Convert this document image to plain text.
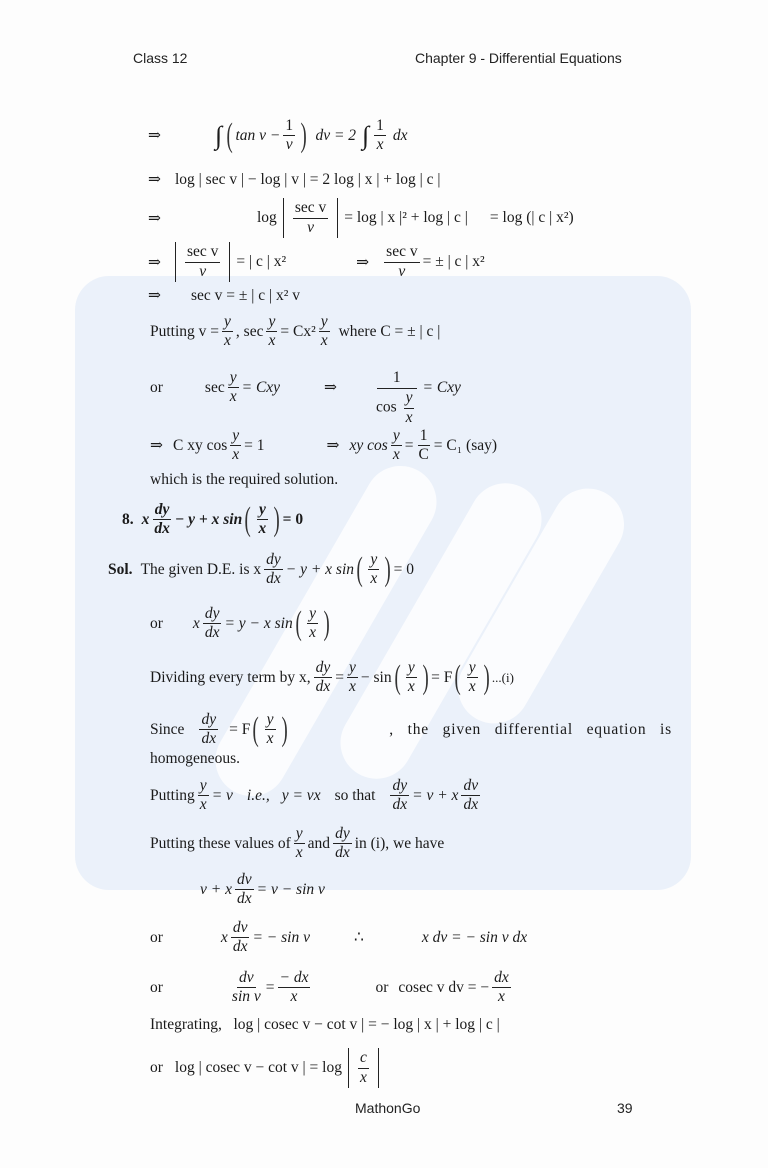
Class 12	Chapter 9 - Differential Equations
⇒ ∫ ( $\tan v - \frac{1}{v}$ ) dv = 2 ∫ $\frac{1}{x}$ dx
⇒ log | sec v | − log | v | = 2 log | x | + log | c |
⇒	$\log \frac{\text{sec v}}{v} = \log$ | x |² + log | c | = log (| c | x²)
⇒ $\frac{\text{sec v}}{v}$ = | c | x²	⇒ $\frac{\text{sec v}}{v}$ = ± | c | x²
⇒ sec v = ± | c | x² v
Putting $v = \frac{y}{x}$ , $\sec \frac{y}{x} = Cx^2 \frac{y}{x}$ where C = ± | c |
or	$\sec \frac{y}{x}$ = Cxy	⇒ $\frac{1}{\cos \frac{y}{x}}$ = Cxy
⇒ C xy $\cos \frac{y}{x} = 1$	⇒ xy $\cos \frac{y}{x} = \frac{1}{C} = C_1$ (say)
which is the required solution.
8. x $\frac{dy}{dx} - y + x$ sin ( $\frac{y}{x}$ ) = 0
Sol. The given D.E. is x $\frac{dy}{dx} - y + x$ sin ( $\frac{y}{x}$ ) = 0
or x $\frac{dy}{dx} = y - x$ sin ( $\frac{y}{x}$ )
Dividing every term by x, $\frac{dy}{dx} = \frac{y}{x} - \sin$ ( $\frac{y}{x}$ ) = F ( $\frac{y}{x}$ ) ...(i)
Since $\frac{dy}{dx} = F$ ( $\frac{y}{x}$ )	, the given differential equation is
homogeneous.
Putting $\frac{y}{x} = v$ i.e., y = vx so that $\frac{dy}{dx} = v + x \frac{dv}{dx}$
Putting these values of $\frac{y}{x}$ and $\frac{dy}{dx}$ in (i), we have
v + x $\frac{dv}{dx} = v - \sin v$
or	x $\frac{dv}{dx}$ = − sin v	∴	x dv = − sin v dx
or	$\frac{dv}{\text{sin v}} = \frac{- dx}{x}$	or cosec v dv = − $\frac{dx}{x}$
Integrating,   log | cosec v − cot v | = − log | x | + log | c |
or log | cosec v − cot v | = $\log \frac{c}{x}$
MathonGo	39
